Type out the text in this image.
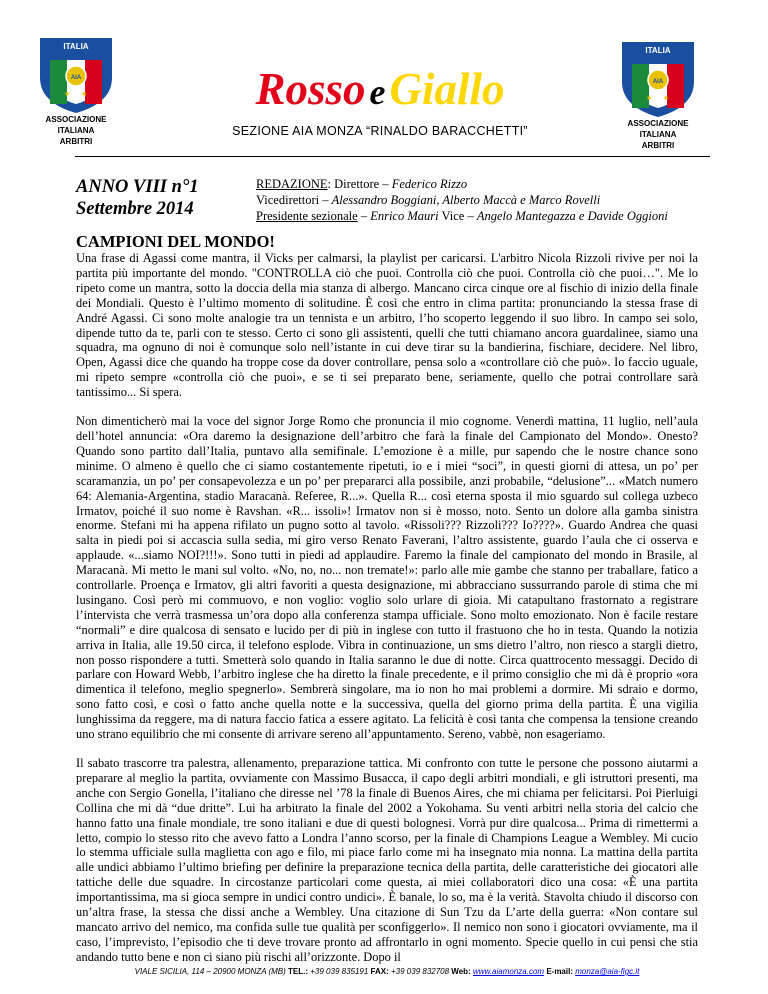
ITALIA
AIA
★ ★
ASSOCIAZIONE
ITALIANA
ARBITRI
ITALIA
AIA
★ ★
ASSOCIAZIONE
ITALIANA
ARBITRI
Rosso e Giallo
SEZIONE AIA MONZA “RINALDO BARACCHETTI”
ANNO VIII n°1
Settembre 2014
REDAZIONE: Direttore – Federico Rizzo
Vicedirettori – Alessandro Boggiani, Alberto Maccà e Marco Rovelli
Presidente sezionale – Enrico Mauri Vice – Angelo Mantegazza e Davide Oggioni
CAMPIONI DEL MONDO!

Una frase di Agassi come mantra, il Vicks per calmarsi, la playlist per caricarsi. L'arbitro Nicola Rizzoli rivive per noi la partita più importante del mondo. "CONTROLLA ciò che puoi. Controlla ciò che puoi. Controlla ciò che puoi…". Me lo ripeto come un mantra, sotto la doccia della mia stanza di albergo. Mancano circa cinque ore al fischio di inizio della finale dei Mondiali. Questo è l’ultimo momento di solitudine. È così che entro in clima partita: pronunciando la stessa frase di André Agassi. Ci sono molte analogie tra un tennista e un arbitro, l’ho scoperto leggendo il suo libro. In campo sei solo, dipende tutto da te, parli con te stesso. Certo ci sono gli assistenti, quelli che tutti chiamano ancora guardalinee, siamo una squadra, ma ognuno di noi è comunque solo nell’istante in cui deve tirar su la bandierina, fischiare, decidere. Nel libro, Open, Agassi dice che quando ha troppe cose da dover controllare, pensa solo a «controllare ciò che può». Io faccio uguale, mi ripeto sempre «controlla ciò che puoi», e se ti sei preparato bene, seriamente, quello che potrai controllare sarà tantissimo... Si spera.

Non dimenticherò mai la voce del signor Jorge Romo che pronuncia il mio cognome. Venerdì mattina, 11 luglio, nell’aula dell’hotel annuncia: «Ora daremo la designazione dell’arbitro che farà la finale del Campionato del Mondo». Onesto? Quando sono partito dall’Italia, puntavo alla semifinale. L’emozione è a mille, pur sapendo che le nostre chance sono minime. O almeno è quello che ci siamo costantemente ripetuti, io e i miei “soci”, in questi giorni di attesa, un po’ per scaramanzia, un po’ per consapevolezza e un po’ per prepararci alla possibile, anzi probabile, “delusione”... «Match numero 64: Alemania-Argentina, stadio Maracanà. Referee, R...». Quella R... così eterna sposta il mio sguardo sul collega uzbeco Irmatov, poiché il suo nome è Ravshan. «R... issoli»! Irmatov non si è mosso, noto. Sento un dolore alla gamba sinistra enorme. Stefani mi ha appena rifilato un pugno sotto al tavolo. «Rissoli??? Rizzoli??? Io????». Guardo Andrea che quasi salta in piedi poi si accascia sulla sedia, mi giro verso Renato Faverani, l’altro assistente, guardo l’aula che ci osserva e applaude. «...siamo NOI?!!!». Sono tutti in piedi ad applaudire. Faremo la finale del campionato del mondo in Brasile, al Maracanà. Mi metto le mani sul volto. «No, no, no... non tremate!»: parlo alle mie gambe che stanno per traballare, fatico a controllarle. Proença e Irmatov, gli altri favoriti a questa designazione, mi abbracciano sussurrando parole di stima che mi lusingano. Così però mi commuovo, e non voglio: voglio solo urlare di gioia. Mi catapultano frastornato a registrare l’intervista che verrà trasmessa un’ora dopo alla conferenza stampa ufficiale. Sono molto emozionato. Non è facile restare “normali” e dire qualcosa di sensato e lucido per di più in inglese con tutto il frastuono che ho in testa. Quando la notizia arriva in Italia, alle 19.50 circa, il telefono esplode. Vibra in continuazione, un sms dietro l’altro, non riesco a stargli dietro, non posso rispondere a tutti. Smetterà solo quando in Italia saranno le due di notte. Circa quattrocento messaggi. Decido di parlare con Howard Webb, l’arbitro inglese che ha diretto la finale precedente, e il primo consiglio che mi dà è proprio «ora dimentica il telefono, meglio spegnerlo». Sembrerà singolare, ma io non ho mai problemi a dormire. Mi sdraio e dormo, sono fatto così, e così o fatto anche quella notte e la successiva, quella del giorno prima della partita. È una vigilia lunghissima da reggere, ma di natura faccio fatica a essere agitato. La felicità è così tanta che compensa la tensione creando uno strano equilibrio che mi consente di arrivare sereno all’appuntamento. Sereno, vabbè, non esageriamo.

Il sabato trascorre tra palestra, allenamento, preparazione tattica. Mi confronto con tutte le persone che possono aiutarmi a preparare al meglio la partita, ovviamente con Massimo Busacca, il capo degli arbitri mondiali, e gli istruttori presenti, ma anche con Sergio Gonella, l’italiano che diresse nel ’78 la finale di Buenos Aires, che mi chiama per felicitarsi. Poi Pierluigi Collina che mi dà “due dritte”. Lui ha arbitrato la finale del 2002 a Yokohama. Su venti arbitri nella storia del calcio che hanno fatto una finale mondiale, tre sono italiani e due di questi bolognesi. Vorrà pur dire qualcosa... Prima di rimettermi a letto, compio lo stesso rito che avevo fatto a Londra l’anno scorso, per la finale di Champions League a Wembley. Mi cucio lo stemma ufficiale sulla maglietta con ago e filo, mi piace farlo come mi ha insegnato mia nonna. La mattina della partita alle undici abbiamo l’ultimo briefing per definire la preparazione tecnica della partita, delle caratteristiche dei giocatori alle tattiche delle due squadre. In circostanze particolari come questa, ai miei collaboratori dico una cosa: «È una partita importantissima, ma si gioca sempre in undici contro undici». È banale, lo so, ma è la verità. Stavolta chiudo il discorso con un’altra frase, la stessa che dissi anche a Wembley. Una citazione di Sun Tzu da L’arte della guerra: «Non contare sul mancato arrivo del nemico, ma confida sulle tue qualità per sconfiggerlo». Il nemico non sono i giocatori ovviamente, ma il caso, l’imprevisto, l’episodio che ti deve trovare pronto ad affrontarlo in ogni momento. Specie quello in cui pensi che stia andando tutto bene e non ci siano più rischi all’orizzonte. Dopo il

VIALE SICILIA, 114 – 20900 MONZA (MB) TEL.: +39 039 835191 FAX: +39 039 832708 Web: www.aiamonza.com E-mail: monza@aia-figc.it
